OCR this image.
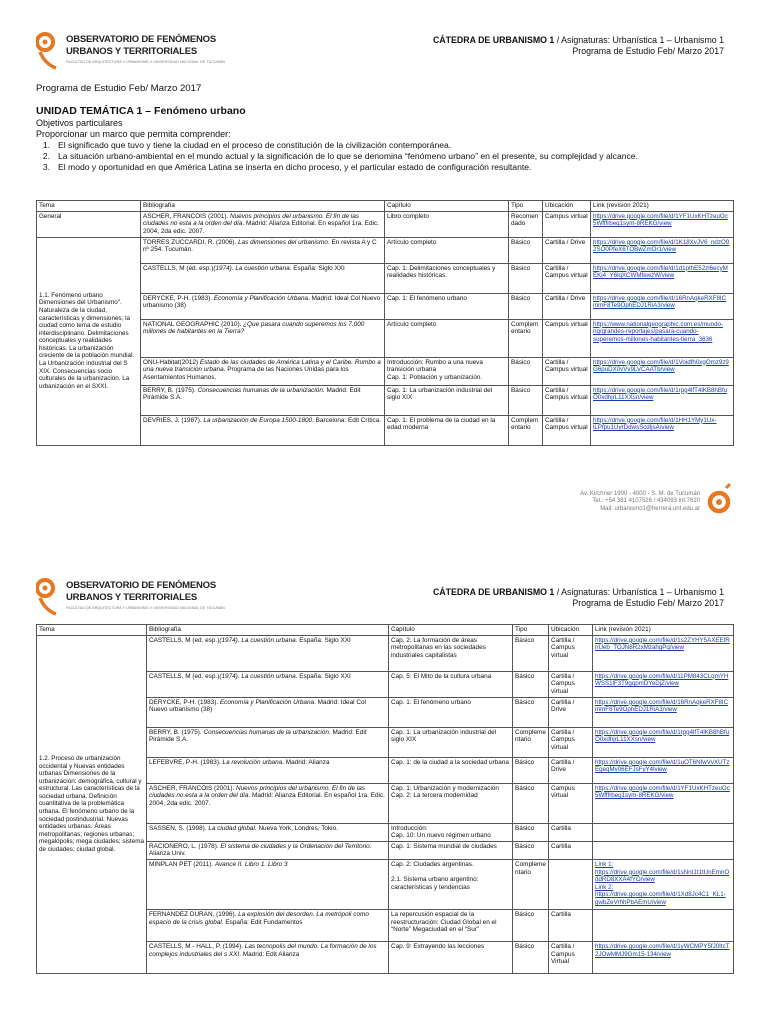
OBSERVATORIO DE FENÓMENOS
URBANOS Y TERRITORIALES
FACULTAD DE ARQUITECTURA Y URBANISMO // UNIVERSIDAD NACIONAL DE TUCUMÁN
CÁTEDRA DE URBANISMO 1 / Asignaturas: Urbanística 1 – Urbanismo 1
Programa de Estudio Feb/ Marzo 2017
Programa de Estudio Feb/ Marzo 2017
UNIDAD TEMÁTICA 1 – Fenómeno urbano
Objetivos particulares
Proporcionar un marco que permita comprender:
1. El significado que tuvo y tiene la ciudad en el proceso de constitución de la civilización contemporánea.
2. La situación urbano-ambiental en el mundo actual y la significación de lo que se denomina “fenómeno urbano” en el presente, su complejidad y alcance.
3. El modo y oportunidad en que América Latina se inserta en dicho proceso, y el particular estado de configuración resultante.
Tema	Bibliografía	Capítulo	Tipo	Ubicación	Link (revisión 2021)
General	ASCHER, FRANCOIS (2001). Nuevos principios del urbanismo. El fin de las ciudades no esta a la orden del día. Madrid: Alianza Editorial. En español 1ra. Edic. 2004, 2da edic. 2007.	Libro completo	Recomendado	Campus virtual	https://drive.google.com/file/d/1YF1UxKHTzeuOc5Wfffrbeq1sym-8REKG/view
1.1. Fenómeno urbano Dimensiones del Urbanismo". Naturaleza de la ciudad, características y dimensiones; la ciudad como tema de estudio interdisciplinario. Delimitaciones conceptuales y realidades históricas. La urbanización creciente de la población mundial. La Urbanización industrial del S XIX. Consecuencias socio culturales de la urbanización. La urbanización en el SXXI.	TORRES ZUCCARDI, R. (2006). Las dimensiones del urbanismo. En revista A y C nº 254. Tucumán.	Artículo completo	Básico	Cartilla / Drive	https://drive.google.com/file/d/1K18XvJV6_ndzO92SO0PfeX6TOBwZmOr1/view
	CASTELLS, M (ed. esp.)(1974). La cuestión urbana. España: Siglo XXI	Cap. 1: Delimitaciones conceptuales y realidades históricas.	Básico	Cartilla / Campus virtual	https://drive.google.com/file/d/1d1pthE52zl6ecyMEKj4_Y6lqXCWMfewzW/view
	DERYCKE, P-H. (1983). Economía y Planificación Urbana. Madrid: Ideal Col Nuevo urbanismo (38)	Cap. 1: El fenómeno urbano	Básico	Cartilla / Drive	https://drive.google.com/file/d/16RnAqkeRXF8ICmmF8Te9OphEDJ1RiA3/view
	NATIONAL GEOGRAPHIC (2010). ¿Que pasara cuando superemos los 7.000 millones de habitantes en la Tierra?	Artículo completo	Complementario	Campus virtual	https://www.nationalgeographic.com.es/mundo-ng/grandes-reportajes/pasara-cuando-superemos-millones-habitantes-tierra_3636
	ONU-Habitat(2012) Estado de las ciudades de América Latina y el Caribe. Rumbo a una nueva transición urbana. Programa de las Naciones Unidas para los Asentamientos Humanos.	Introducción: Rumbo a una nueva transición urbana
Cap. 1: Población y urbanización.	Básico	Cartilla / Campus virtual	https://drive.google.com/file/d/1Voidfh0xgOmz9z9G6puDX0vVv9LVCAATb/view
	BERRY, B. (1975). Consecuencias humanas de la urbanización. Madrid: Edit Pirámide S.A.	Cap. 1: La urbanización industrial del siglo XIX	Básico	Cartilla / Campus virtual	https://drive.google.com/file/d/1rpg4lfT4lKB8hBfuO0xdhjrL11XXsn/view
	DEVRIES, J. (1987). La urbanización de Europa 1500-1800. Barcelona: Edit Crítica.	Cap. 1: El problema de la ciudad en la edad moderna	Complementario	Cartilla / Campus virtual	https://drive.google.com/file/d/1HH1YMy1Ux-lLPfpu1UyrDdwsScdljsA/view
Av. Kirchner 1900 - 4000 - S. M. de Tucumán
Tel.: +54 381 4107526 / 434093 int.7620
Mail: urbanismo1@herrera.unt.edu.ar
OBSERVATORIO DE FENÓMENOS
URBANOS Y TERRITORIALES
FACULTAD DE ARQUITECTURA Y URBANISMO // UNIVERSIDAD NACIONAL DE TUCUMÁN
CÁTEDRA DE URBANISMO 1 / Asignaturas: Urbanística 1 – Urbanismo 1
Programa de Estudio Feb/ Marzo 2017
Tema	Bibliografía	Capítulo	Tipo	Ubicación	Link (revisión 2021)
1.2. Proceso de urbanización occidental y Nuevas entidades urbanas Dimensiones de la urbanización: demográfica, cultural y estructural. Las características de la sociedad urbana. Definición cuantitativa de la problemática urbana. El fenómeno urbano de la sociedad postindustrial. Nuevas entidades urbanas. Áreas metropolitanas; regiones urbanas; megalópolis; mega ciudades; sistema de ciudades; ciudad global.	CASTELLS, M (ed. esp.)(1974). La cuestión urbana. España: Siglo XXI	Cap. 2: La formación de áreas metropolitanas en las sociedades industriales capitalistas	Básico	Cartilla / Campus virtual	https://drive.google.com/file/d/1s2ZYHY5AXEEfRnUeb_TOJN8R2xMzahgPq/view
	CASTELLS, M (ed. esp.)(1974). La cuestión urbana. España: Siglo XXI	Cap. 5: El Mito de la cultura urbana	Básico	Cartilla / Campus virtual	https://drive.google.com/file/d/11PM843CLqmYHWSS1lF3T9gqpmDYeDjZ/view
	DERYCKE, P-H. (1983). Economía y Planificación Urbana. Madrid: Ideal Col Nuevo urbanismo (38)	Cap. 1: El fenómeno urbano	Básico	Cartilla / Drive	https://drive.google.com/file/d/16RnAqkeRXF8ICmmF8Te9OphEDJ1RiA3/view
	BERRY, B. (1975). Consecuencias humanas de la urbanización. Madrid: Edit Pirámide S.A.	Cap. 1: La urbanización industrial del siglo XIX	Complementario	Cartilla / Campus virtual	https://drive.google.com/file/d/1rpg4lfT4lKB8hBfuO0xdhjrL11XXsn/view
	LEFEBVRE, P-H. (1983). La revolución urbana. Madrid: Alianza	Cap. 1: de la ciudad a la sociedad urbana	Básico	Cartilla / Drive	https://drive.google.com/file/d/1uOT6NfwVvXUTzEgeqMv06EFJsFyY4lview
	ASCHER, FRANCOIS (2001). Nuevos principios del urbanismo. El fin de las ciudades no esta a la orden del día. Madrid: Alianza Editorial. En español 1ra. Edic. 2004, 2da edic. 2007.	Cap. 1: Urbanización y modernización
Cap. 2: La tercera modernidad	Básico	Campus virtual	https://drive.google.com/file/d/1YF1UxKHTzeuOc5Wfffrbeq1sym-8REKG/view
	SASSEN, S. (1998). La ciudad global. Nueva York, Londres, Tokio.	Introducción:
Cap. 10: Un nuevo régimen urbano	Básico	Cartilla	
	RACIONERO, L. (1978). El sistema de ciudades y la Ordenación del Territorio. Alianza Univ.	Cap. 1: Sistema mundial de ciudades	Básico	Cartilla	
	MINPLAN PET (2011). Avance II. Libro 1. Libro 3	Cap. 2: Ciudades argentinas.

2.1. Sistema urbano argentino: características y tendencias	Complementario		Link 1: https://drive.google.com/file/d/1sNnI1t1tUnEmnOddRD8XXA4fYO/view
Link 2: https://drive.google.com/file/d/1Xd8Jc4C1_KL1-gwbZeVrhhPbAEmU/view
	FERNANDEZ DURAN, (1996). La explosión del desorden. La metrópoli como espacio de la crisis global. España: Edit Fundamentos	La repercusión espacial de la reestructuración: Ciudad Global en el “Norte” Megaciudad en el “Sur”	Básico	Cartilla	
	CASTELLS, M - HALL, P. (1994). Las tecnopolis del mundo. La formación de los complejos industriales del s XXI. Madrid: Edit Alianza	Cap. 9: Extrayendo las lecciones	Básico	Cartilla / Campus Virtual	https://drive.google.com/file/d/1yWCMPY5fJ0ItcT2JOwMMJ9Gm15-134/view
